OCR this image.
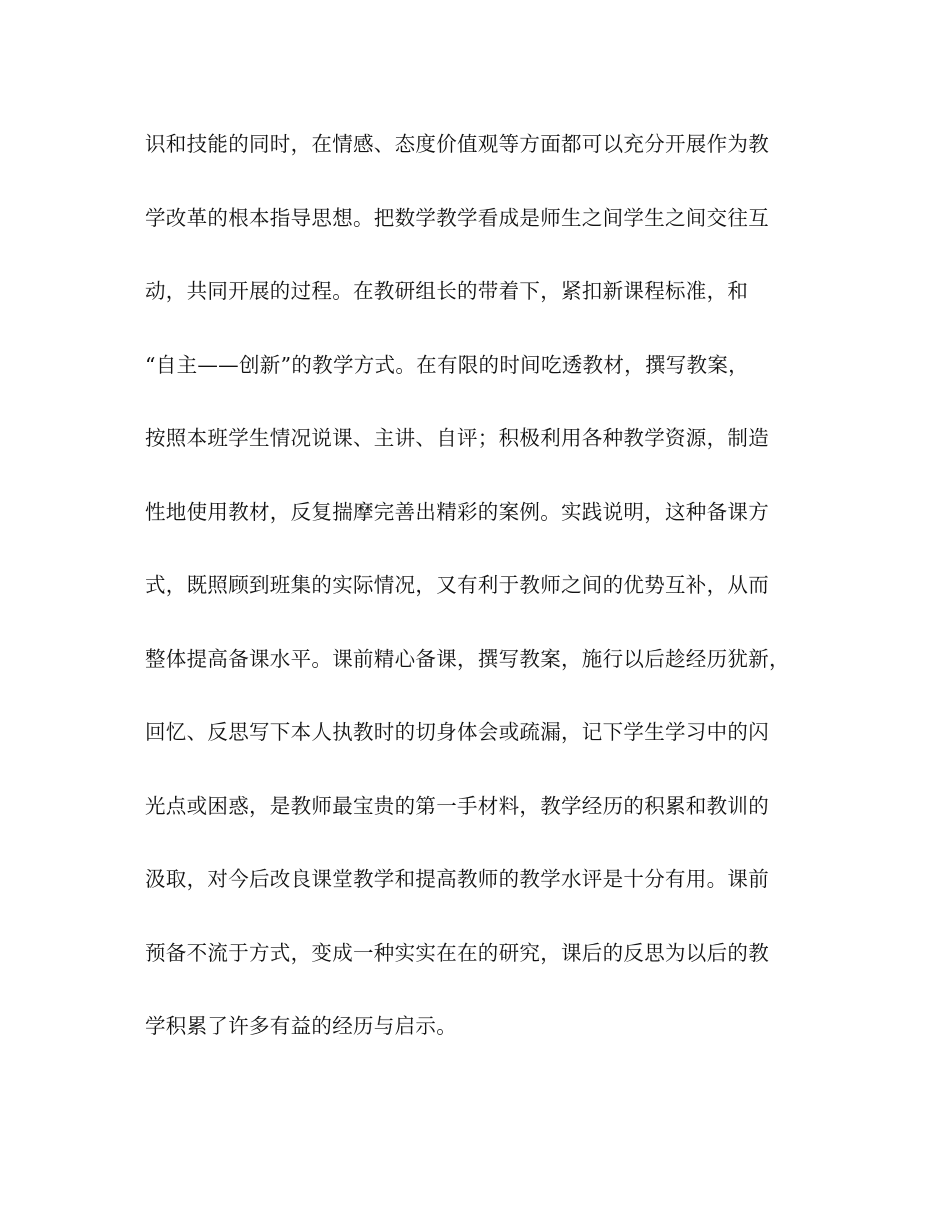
识和技能的同时，在情感、态度价值观等方面都可以充分开展作为教
学改革的根本指导思想。把数学教学看成是师生之间学生之间交往互
动，共同开展的过程。在教研组长的带着下，紧扣新课程标准，和
“自主——创新”的教学方式。在有限的时间吃透教材，撰写教案，
按照本班学生情况说课、主讲、自评；积极利用各种教学资源，制造
性地使用教材，反复揣摩完善出精彩的案例。实践说明，这种备课方
式，既照顾到班集的实际情况，又有利于教师之间的优势互补，从而
整体提高备课水平。课前精心备课，撰写教案，施行以后趁经历犹新，
回忆、反思写下本人执教时的切身体会或疏漏，记下学生学习中的闪
光点或困惑，是教师最宝贵的第一手材料，教学经历的积累和教训的
汲取，对今后改良课堂教学和提高教师的教学水评是十分有用。课前
预备不流于方式，变成一种实实在在的研究，课后的反思为以后的教
学积累了许多有益的经历与启示。
